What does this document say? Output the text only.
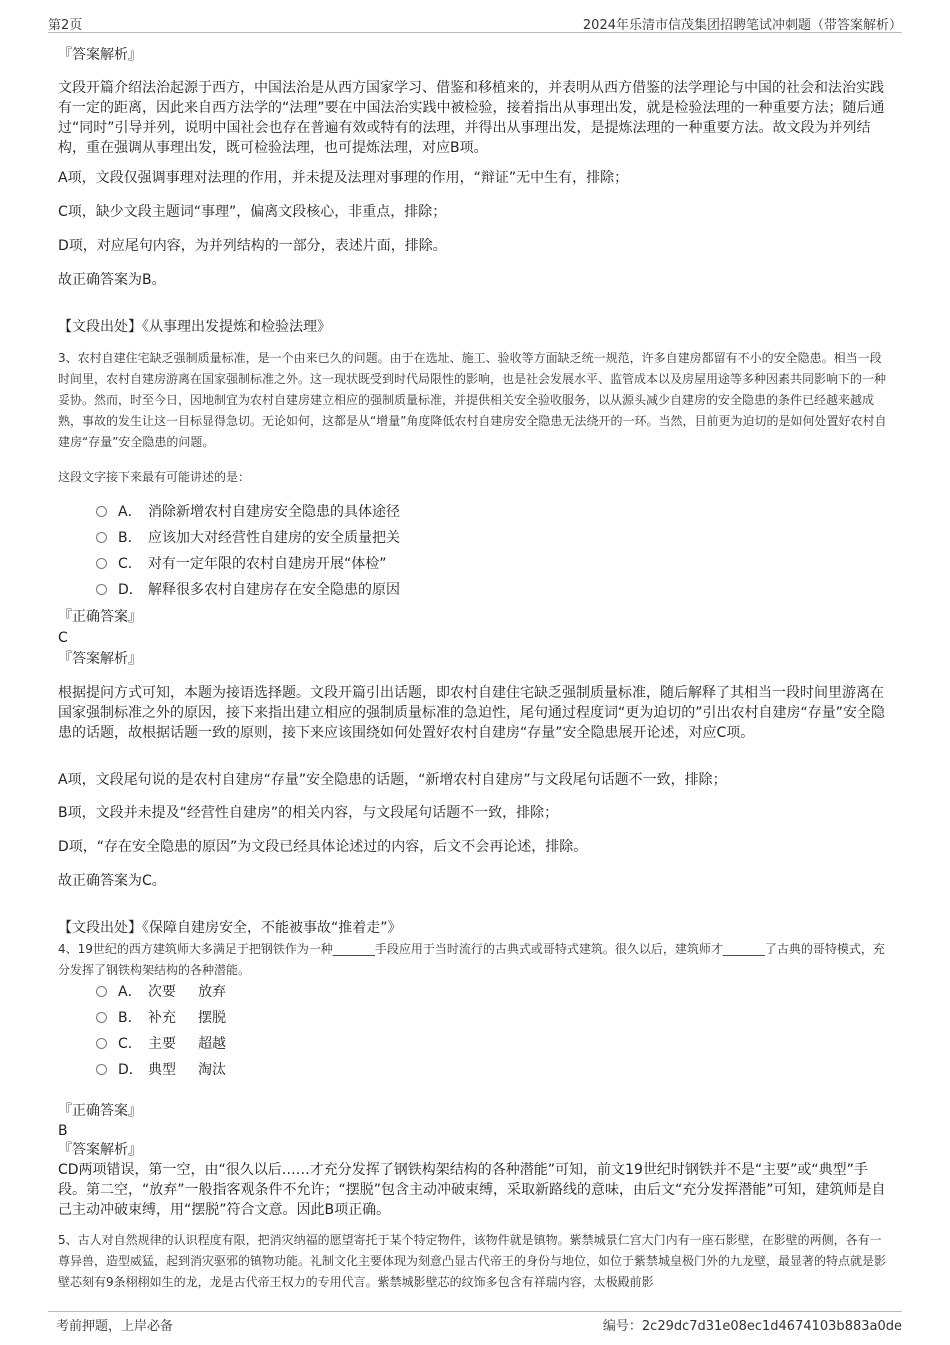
第2页	2024年乐清市信茂集团招聘笔试冲刺题（带答案解析）

『答案解析』

文段开篇介绍法治起源于西方，中国法治是从西方国家学习、借鉴和移植来的，并表明从西方借鉴的法学理论与中国的社会和法治实践有一定的距离，因此来自西方法学的“法理”要在中国法治实践中被检验，接着指出从事理出发，就是检验法理的一种重要方法；随后通过“同时”引导并列，说明中国社会也存在普遍有效或特有的法理，并得出从事理出发，是提炼法理的一种重要方法。故文段为并列结构，重在强调从事理出发，既可检验法理，也可提炼法理，对应B项。

A项，文段仅强调事理对法理的作用，并未提及法理对事理的作用，“辩证”无中生有，排除；

C项，缺少文段主题词“事理”，偏离文段核心，非重点，排除；

D项，对应尾句内容，为并列结构的一部分，表述片面，排除。

故正确答案为B。

【文段出处】《从事理出发提炼和检验法理》

3、农村自建住宅缺乏强制质量标准，是一个由来已久的问题。由于在选址、施工、验收等方面缺乏统一规范，许多自建房都留有不小的安全隐患。相当一段时间里，农村自建房游离在国家强制标准之外。这一现状既受到时代局限性的影响，也是社会发展水平、监管成本以及房屋用途等多种因素共同影响下的一种妥协。然而，时至今日，因地制宜为农村自建房建立相应的强制质量标准，并提供相关安全验收服务，以从源头减少自建房的安全隐患的条件已经越来越成熟，事故的发生让这一目标显得急切。无论如何，这都是从“增量”角度降低农村自建房安全隐患无法绕开的一环。当然，目前更为迫切的是如何处置好农村自建房“存量”安全隐患的问题。

这段文字接下来最有可能讲述的是：

A． 消除新增农村自建房安全隐患的具体途径
B． 应该加大对经营性自建房的安全质量把关
C． 对有一定年限的农村自建房开展“体检”
D． 解释很多农村自建房存在安全隐患的原因

『正确答案』

C

『答案解析』

根据提问方式可知，本题为接语选择题。文段开篇引出话题，即农村自建住宅缺乏强制质量标准，随后解释了其相当一段时间里游离在国家强制标准之外的原因，接下来指出建立相应的强制质量标准的急迫性，尾句通过程度词“更为迫切的”引出农村自建房“存量”安全隐患的话题，故根据话题一致的原则，接下来应该围绕如何处置好农村自建房“存量”安全隐患展开论述，对应C项。

A项，文段尾句说的是农村自建房“存量”安全隐患的话题，“新增农村自建房”与文段尾句话题不一致，排除；

B项，文段并未提及“经营性自建房”的相关内容，与文段尾句话题不一致，排除；

D项，“存在安全隐患的原因”为文段已经具体论述过的内容，后文不会再论述，排除。

故正确答案为C。

【文段出处】《保障自建房安全，不能被事故“推着走”》

4、19世纪的西方建筑师大多满足于把钢铁作为一种_______手段应用于当时流行的古典式或哥特式建筑。很久以后，建筑师才_______了古典的哥特模式，充分发挥了钢铁构架结构的各种潜能。

A． 次要 放弃
B． 补充 摆脱
C． 主要 超越
D． 典型 淘汰

『正确答案』

B

『答案解析』

CD两项错误，第一空，由“很久以后……才充分发挥了钢铁构架结构的各种潜能”可知，前文19世纪时钢铁并不是“主要”或“典型”手段。第二空，“放弃”一般指客观条件不允许；“摆脱”包含主动冲破束缚，采取新路线的意味，由后文“充分发挥潜能”可知，建筑师是自己主动冲破束缚，用“摆脱”符合文意。因此B项正确。

5、古人对自然规律的认识程度有限，把消灾纳福的愿望寄托于某个特定物件，该物件就是镇物。紫禁城景仁宫大门内有一座石影壁，在影壁的两侧，各有一尊异兽，造型威猛，起到消灾驱邪的镇物功能。礼制文化主要体现为刻意凸显古代帝王的身份与地位，如位于紫禁城皇极门外的九龙壁，最显著的特点就是影壁芯刻有9条栩栩如生的龙，龙是古代帝王权力的专用代言。紫禁城影壁芯的纹饰多包含有祥瑞内容，太极殿前影

考前押题，上岸必备	编号：2c29dc7d31e08ec1d4674103b883a0de
